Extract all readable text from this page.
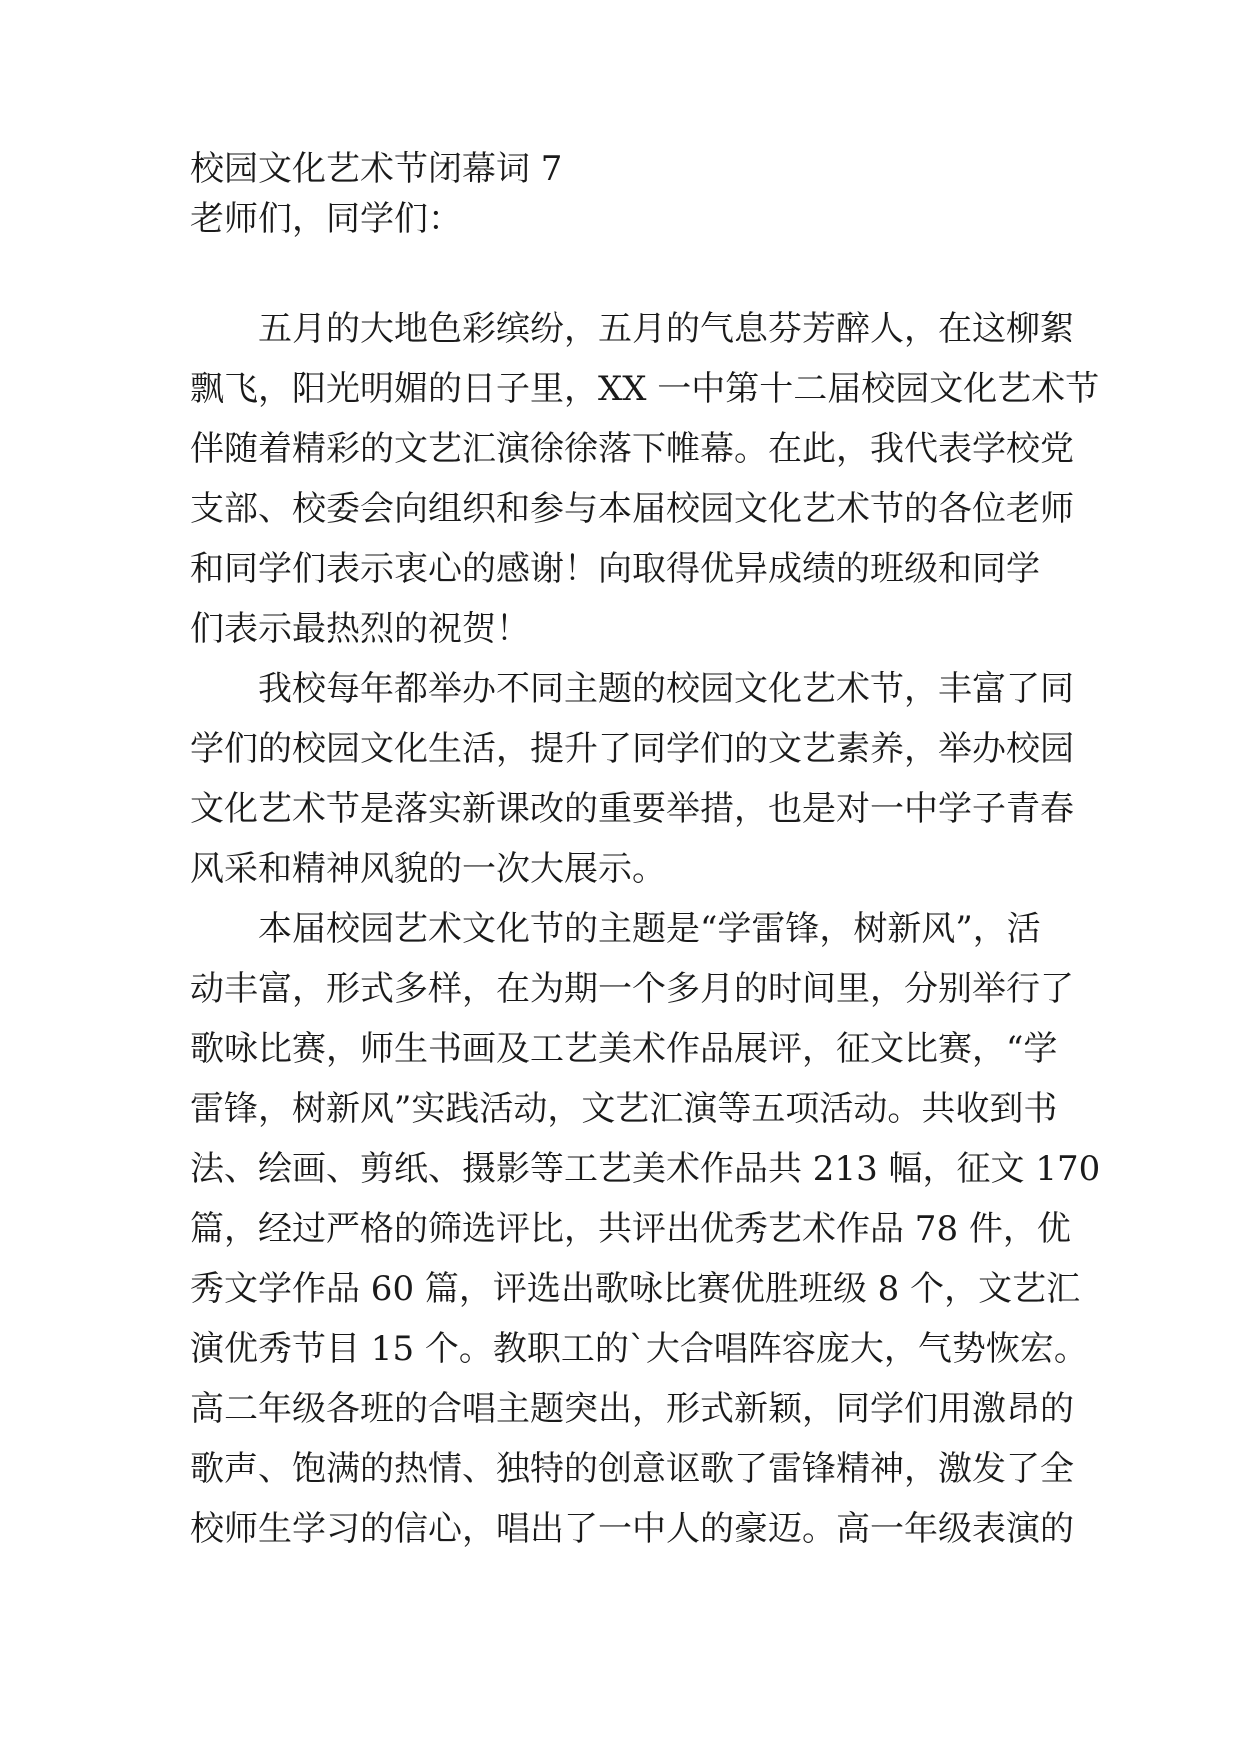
校园文化艺术节闭幕词 7
老师们，同学们：
五月的大地色彩缤纷，五月的气息芬芳醉人，在这柳絮
飘飞，阳光明媚的日子里，XX 一中第十二届校园文化艺术节
伴随着精彩的文艺汇演徐徐落下帷幕。在此，我代表学校党
支部、校委会向组织和参与本届校园文化艺术节的各位老师
和同学们表示衷心的感谢！向取得优异成绩的班级和同学
们表示最热烈的祝贺！
我校每年都举办不同主题的校园文化艺术节，丰富了同
学们的校园文化生活，提升了同学们的文艺素养，举办校园
文化艺术节是落实新课改的重要举措，也是对一中学子青春
风采和精神风貌的一次大展示。
本届校园艺术文化节的主题是“学雷锋，树新风”，活
动丰富，形式多样，在为期一个多月的时间里，分别举行了
歌咏比赛，师生书画及工艺美术作品展评，征文比赛，“学
雷锋，树新风”实践活动，文艺汇演等五项活动。共收到书
法、绘画、剪纸、摄影等工艺美术作品共 213 幅，征文 170
篇，经过严格的筛选评比，共评出优秀艺术作品 78 件，优
秀文学作品 60 篇，评选出歌咏比赛优胜班级 8 个，文艺汇
演优秀节目 15 个。教职工的`大合唱阵容庞大，气势恢宏。
高二年级各班的合唱主题突出，形式新颖，同学们用激昂的
歌声、饱满的热情、独特的创意讴歌了雷锋精神，激发了全
校师生学习的信心，唱出了一中人的豪迈。高一年级表演的
